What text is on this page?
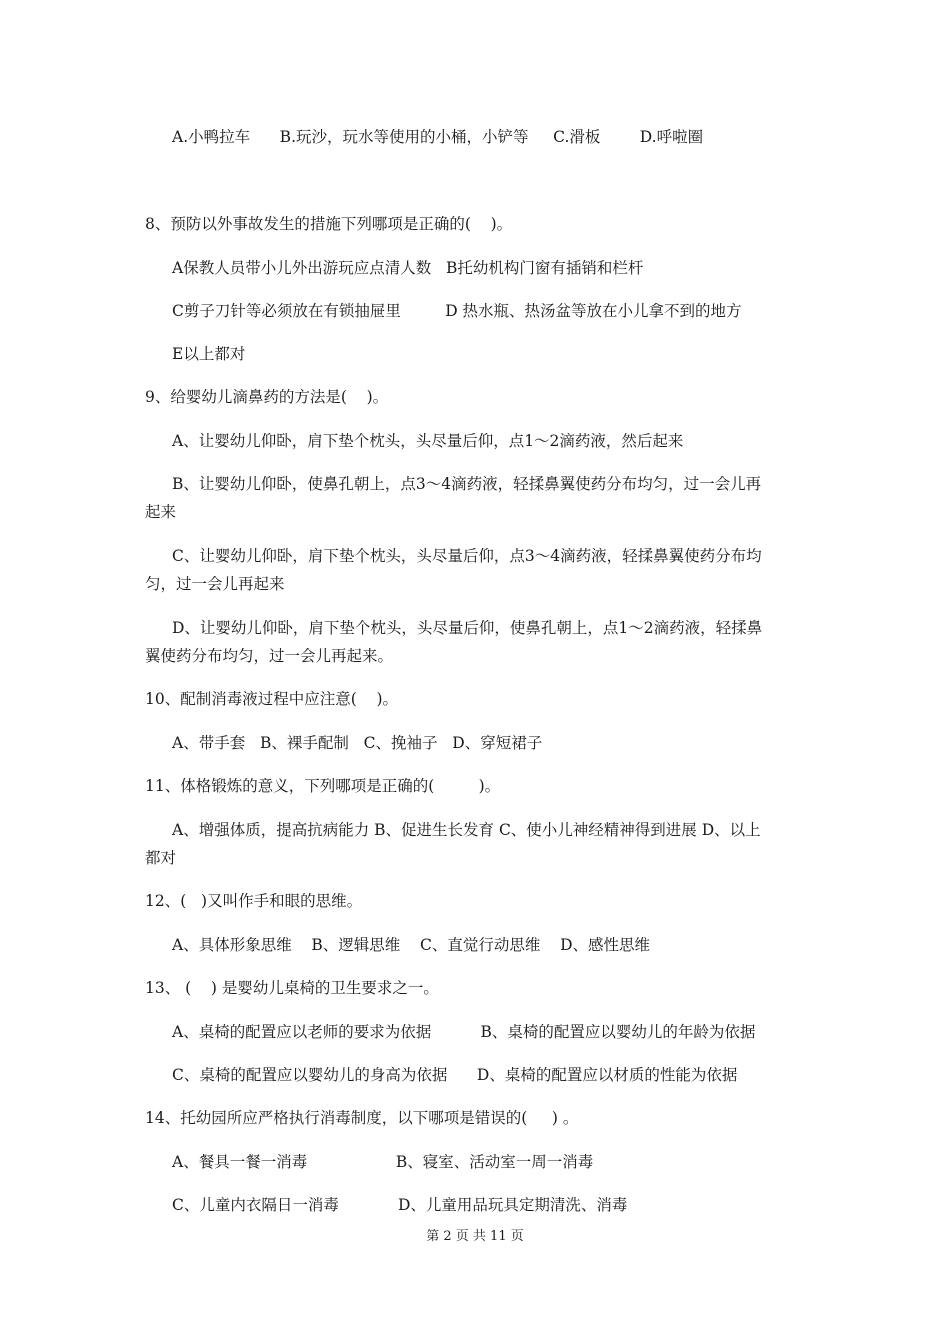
A.小鸭拉车      B.玩沙，玩水等使用的小桶，小铲等     C.滑板        D.呼啦圈
8、预防以外事故发生的措施下列哪项是正确的(    )。
A保教人员带小儿外出游玩应点清人数   B托幼机构门窗有插销和栏杆
C剪子刀针等必须放在有锁抽屉里         D 热水瓶、热汤盆等放在小儿拿不到的地方
E以上都对
9、给婴幼儿滴鼻药的方法是(    )。
A、让婴幼儿仰卧，肩下垫个枕头，头尽量后仰，点1～2滴药液，然后起来
B、让婴幼儿仰卧，使鼻孔朝上，点3～4滴药液，轻揉鼻翼使药分布均匀，过一会儿再
起来
C、让婴幼儿仰卧，肩下垫个枕头，头尽量后仰，点3～4滴药液，轻揉鼻翼使药分布均
匀，过一会儿再起来
D、让婴幼儿仰卧，肩下垫个枕头，头尽量后仰，使鼻孔朝上，点1～2滴药液，轻揉鼻
翼使药分布均匀，过一会儿再起来。
10、配制消毒液过程中应注意(    )。
A、带手套   B、裸手配制   C、挽袖子   D、穿短裙子
11、体格锻炼的意义，下列哪项是正确的(         )。
A、增强体质，提高抗病能力 B、促进生长发育 C、使小儿神经精神得到进展 D、以上
都对
12、(   )又叫作手和眼的思维。
A、具体形象思维    B、逻辑思维    C、直觉行动思维    D、感性思维
13、 (    ) 是婴幼儿桌椅的卫生要求之一。
A、桌椅的配置应以老师的要求为依据          B、桌椅的配置应以婴幼儿的年龄为依据
C、桌椅的配置应以婴幼儿的身高为依据      D、桌椅的配置应以材质的性能为依据
14、托幼园所应严格执行消毒制度，以下哪项是错误的(     ) 。
A、餐具一餐一消毒                  B、寝室、活动室一周一消毒
C、儿童内衣隔日一消毒            D、儿童用品玩具定期清洗、消毒
第 2 页 共 11 页
